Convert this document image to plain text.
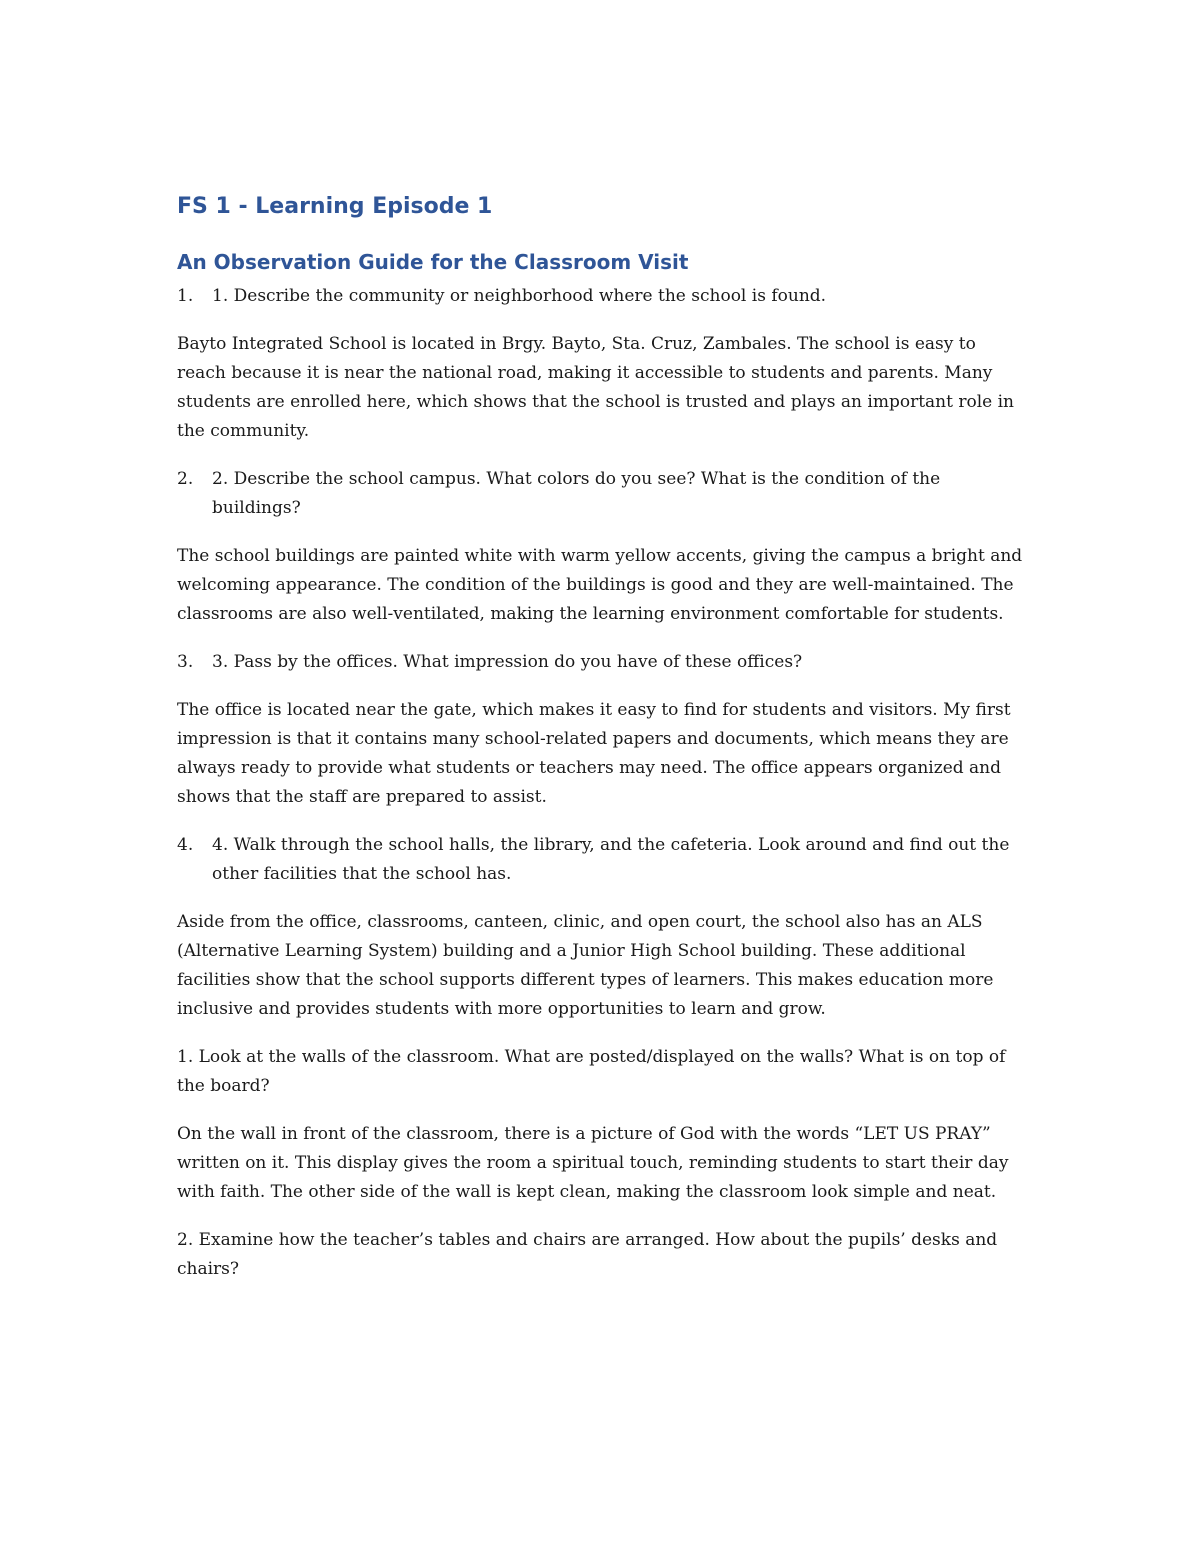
FS 1 - Learning Episode 1
An Observation Guide for the Classroom Visit
1.	1. Describe the community or neighborhood where the school is found.
Bayto Integrated School is located in Brgy. Bayto, Sta. Cruz, Zambales. The school is easy to reach because it is near the national road, making it accessible to students and parents. Many students are enrolled here, which shows that the school is trusted and plays an important role in the community.
2.	2. Describe the school campus. What colors do you see? What is the condition of the buildings?
The school buildings are painted white with warm yellow accents, giving the campus a bright and welcoming appearance. The condition of the buildings is good and they are well-maintained. The classrooms are also well-ventilated, making the learning environment comfortable for students.
3.	3. Pass by the offices. What impression do you have of these offices?
The office is located near the gate, which makes it easy to find for students and visitors. My first impression is that it contains many school-related papers and documents, which means they are always ready to provide what students or teachers may need. The office appears organized and shows that the staff are prepared to assist.
4.	4. Walk through the school halls, the library, and the cafeteria. Look around and find out the other facilities that the school has.
Aside from the office, classrooms, canteen, clinic, and open court, the school also has an ALS (Alternative Learning System) building and a Junior High School building. These additional facilities show that the school supports different types of learners. This makes education more inclusive and provides students with more opportunities to learn and grow.
1. Look at the walls of the classroom. What are posted/displayed on the walls? What is on top of the board?
On the wall in front of the classroom, there is a picture of God with the words “LET US PRAY” written on it. This display gives the room a spiritual touch, reminding students to start their day with faith. The other side of the wall is kept clean, making the classroom look simple and neat.
2. Examine how the teacher’s tables and chairs are arranged. How about the pupils’ desks and chairs?
